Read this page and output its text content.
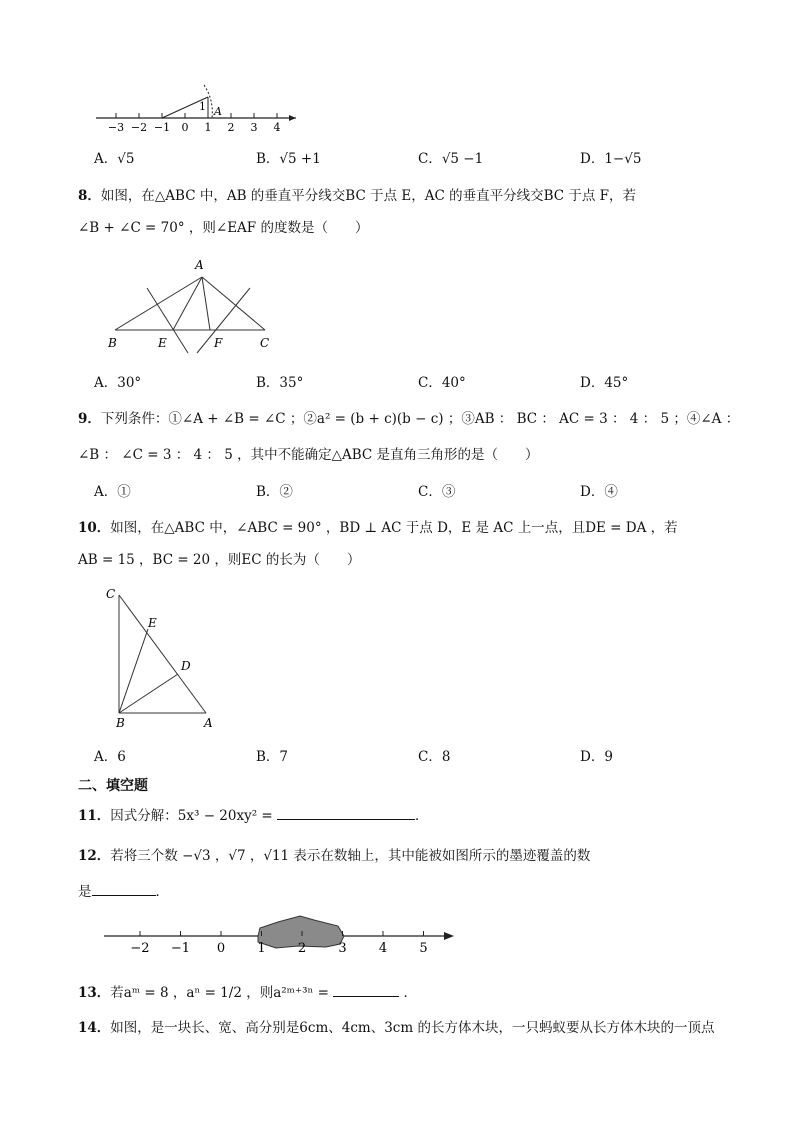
−3 −2 −1 0 1 2 3 4
1 A
A．√5	B．√5 +1	C．√5 −1	D．1−√5
8．如图，在△ABC 中，AB 的垂直平分线交BC 于点 E，AC 的垂直平分线交BC 于点 F，若
∠B + ∠C = 70° ，则∠EAF 的度数是（　　）
A
B	E	F	C
A．30°	B．35°	C．40°	D．45°
9．下列条件：①∠A + ∠B = ∠C ；②a² = (b + c)(b − c) ；③AB ： BC ： AC = 3 ： 4 ： 5 ；④∠A ：
∠B ： ∠C = 3 ： 4 ： 5 ，其中不能确定△ABC 是直角三角形的是（　　）
A．①	B．②	C．③	D．④
10．如图，在△ABC 中，∠ABC = 90° ，BD ⊥ AC 于点 D，E 是 AC 上一点，且DE = DA ，若
AB = 15 ，BC = 20 ，则EC 的长为（　　）
C
E
D
B	A
A．6	B．7	C．8	D．9
二、填空题
11．因式分解：5x³ − 20xy² =	．
12．若将三个数 −√3 ，√7 ，√11 表示在数轴上，其中能被如图所示的墨迹覆盖的数
是	．
−2 −1 0 1 2 3 4 5
13．若aᵐ = 8 ，aⁿ = 1/2 ，则a²ᵐ⁺³ⁿ =	．
14．如图，是一块长、宽、高分别是6cm、4cm、3cm 的长方体木块，一只蚂蚁要从长方体木块的一顶点
